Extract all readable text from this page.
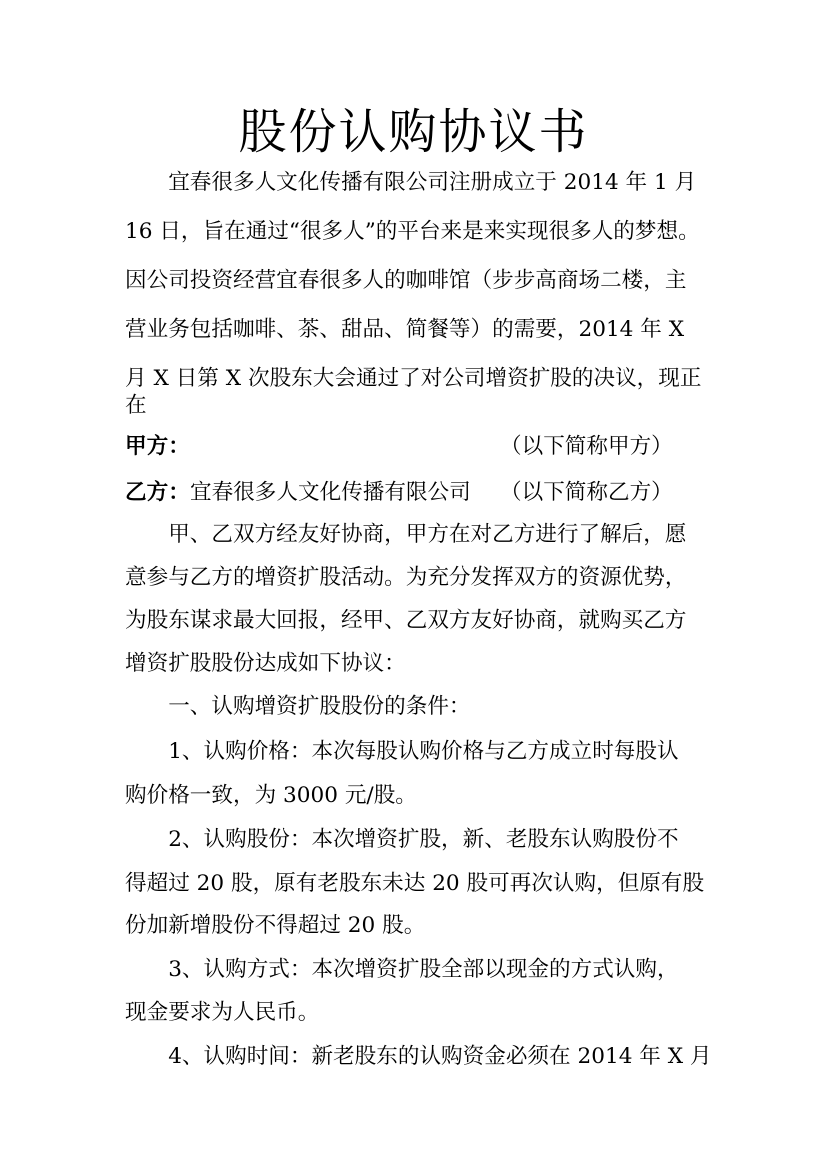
股份认购协议书
　　宜春很多人文化传播有限公司注册成立于 2014 年 1 月
16 日，旨在通过“很多人”的平台来是来实现很多人的梦想。
因公司投资经营宜春很多人的咖啡馆（步步高商场二楼，主
营业务包括咖啡、茶、甜品、简餐等）的需要，2014 年 X
月 X 日第 X 次股东大会通过了对公司增资扩股的决议，现正
在
甲方：	（以下简称甲方）
乙方： 宜春很多人文化传播有限公司 （以下简称乙方）
　　甲、乙双方经友好协商，甲方在对乙方进行了解后，愿
意参与乙方的增资扩股活动。为充分发挥双方的资源优势，
为股东谋求最大回报，经甲、乙双方友好协商，就购买乙方
增资扩股股份达成如下协议：
　　一、认购增资扩股股份的条件：
　　1、认购价格：本次每股认购价格与乙方成立时每股认
购价格一致，为 3000 元/股。
　　2、认购股份：本次增资扩股，新、老股东认购股份不
得超过 20 股，原有老股东未达 20 股可再次认购，但原有股
份加新增股份不得超过 20 股。
　　3、认购方式：本次增资扩股全部以现金的方式认购，
现金要求为人民币。
　　4、认购时间：新老股东的认购资金必须在 2014 年 X 月
